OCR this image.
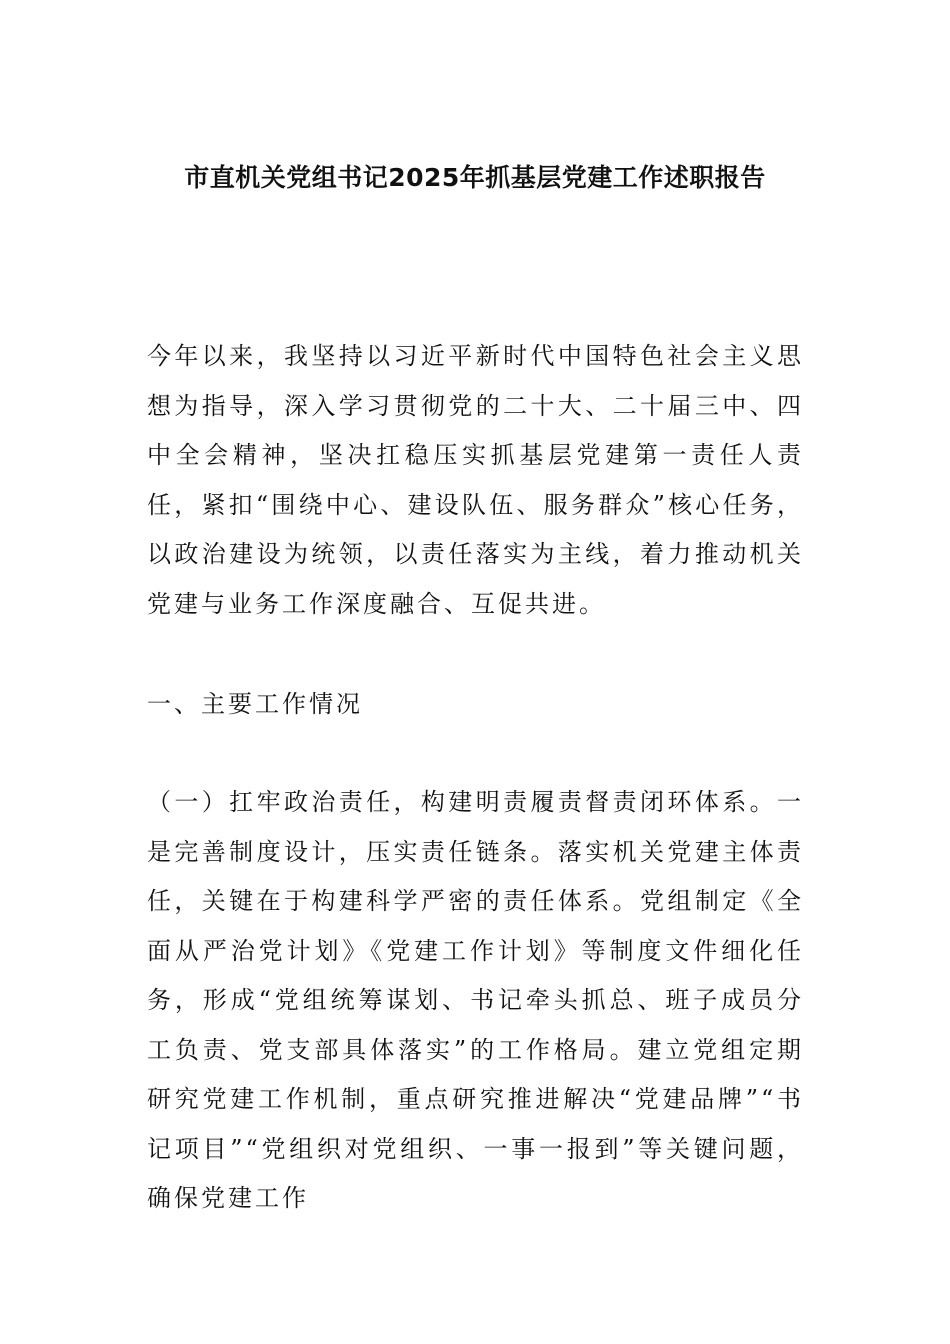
市直机关党组书记2025年抓基层党建工作述职报告

今年以来，我坚持以习近平新时代中国特色社会主义思想为指导，深入学习贯彻党的二十大、二十届三中、四中全会精神，坚决扛稳压实抓基层党建第一责任人责任，紧扣“围绕中心、建设队伍、服务群众”核心任务，以政治建设为统领，以责任落实为主线，着力推动机关党建与业务工作深度融合、互促共进。

一、主要工作情况

（一）扛牢政治责任，构建明责履责督责闭环体系。一是完善制度设计，压实责任链条。落实机关党建主体责任，关键在于构建科学严密的责任体系。党组制定《全面从严治党计划》《党建工作计划》等制度文件细化任务，形成“党组统筹谋划、书记牵头抓总、班子成员分工负责、党支部具体落实”的工作格局。建立党组定期研究党建工作机制，重点研究推进解决“党建品牌”“书记项目”“党组织对党组织、一事一报到”等关键问题，确保党建工作
